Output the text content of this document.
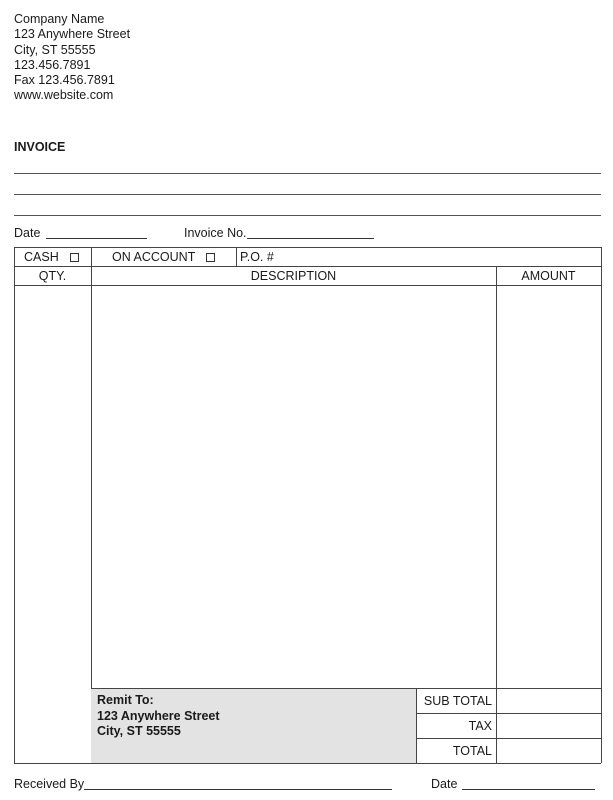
Company Name
123 Anywhere Street
City, ST 55555
123.456.7891
Fax 123.456.7891
www.website.com
INVOICE
Date	Invoice No.
CASH	ON ACCOUNT	P.O. #
QTY.	DESCRIPTION	AMOUNT
Remit To:
123 Anywhere Street
City, ST 55555
SUB TOTAL
TAX
TOTAL
Received By	Date
